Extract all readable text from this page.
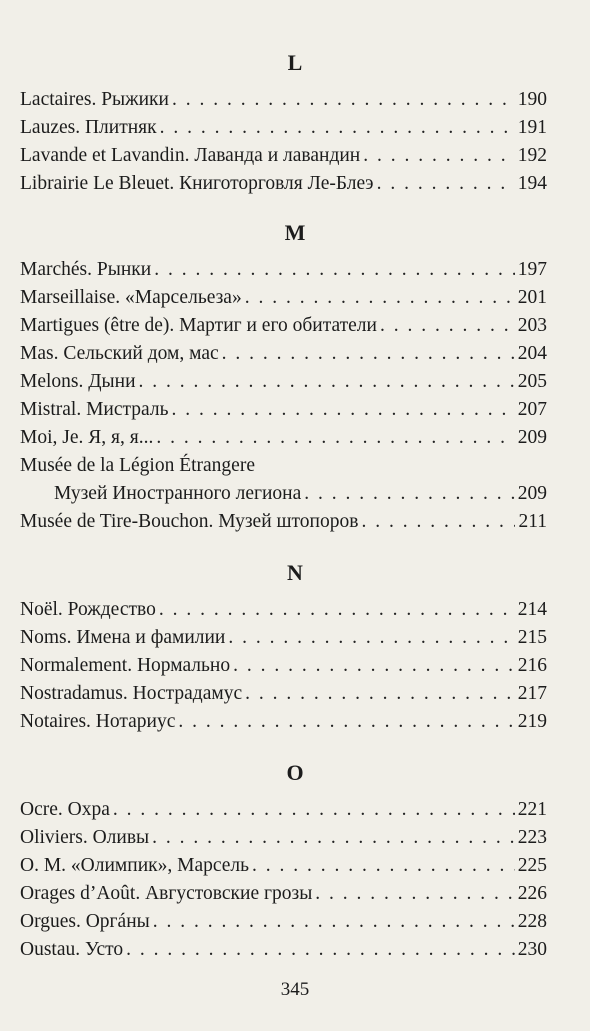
L
Lactaires. Рыжики . . .	190
Lauzes. Плитняк . . .	191
Lavande et Lavandin. Лаванда и лавандин . . .	192
Librairie Le Bleuet. Книготорговля Ле-Блеэ . . .	194
M
Marchés. Рынки . . .	197
Marseillaise. «Марсельеза» . . .	201
Martigues (être de). Мартиг и его обитатели . . .	203
Mas. Сельский дом, мас . . .	204
Melons. Дыни . . .	205
Mistral. Мистраль . . .	207
Moi, Je. Я, я, я... . . .	209
Musée de la Légion Étrangere
Музей Иностранного легиона . . .	209
Musée de Tire-Bouchon. Музей штопоров . . .	211
N
Noël. Рождество . . .	214
Noms. Имена и фамилии . . .	215
Normalement. Нормально . . .	216
Nostradamus. Нострадамус . . .	217
Notaires. Нотариус . . .	219
O
Ocre. Охра . . .	221
Oliviers. Оливы . . .	223
O. M. «Олимпик», Марсель . . .	225
Orages d’Août. Августовские грозы . . .	226
Orgues. Оргáны . . .	228
Oustau. Усто . . .	230
345
